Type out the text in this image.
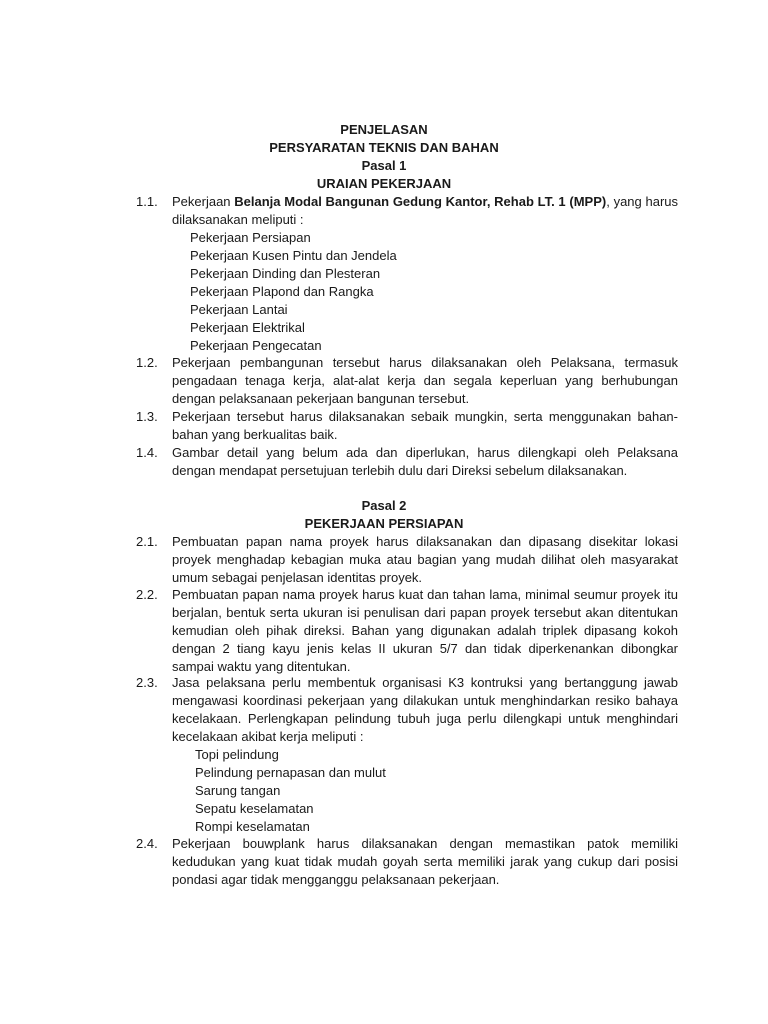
PENJELASAN
PERSYARATAN TEKNIS DAN BAHAN
Pasal 1
URAIAN PEKERJAAN
1.1. Pekerjaan Belanja Modal Bangunan Gedung Kantor, Rehab LT. 1 (MPP), yang harus dilaksanakan meliputi :
Pekerjaan Persiapan
Pekerjaan Kusen Pintu dan Jendela
Pekerjaan Dinding dan Plesteran
Pekerjaan Plapond dan Rangka
Pekerjaan Lantai
Pekerjaan Elektrikal
Pekerjaan Pengecatan
1.2. Pekerjaan pembangunan tersebut harus dilaksanakan oleh Pelaksana, termasuk pengadaan tenaga kerja, alat-alat kerja dan segala keperluan yang berhubungan dengan pelaksanaan pekerjaan bangunan tersebut.
1.3. Pekerjaan tersebut harus dilaksanakan sebaik mungkin, serta menggunakan bahan-bahan yang berkualitas baik.
1.4. Gambar detail yang belum ada dan diperlukan, harus dilengkapi oleh Pelaksana dengan mendapat persetujuan terlebih dulu dari Direksi sebelum dilaksanakan.
Pasal 2
PEKERJAAN PERSIAPAN
2.1. Pembuatan papan nama proyek harus dilaksanakan dan dipasang disekitar lokasi proyek menghadap kebagian muka atau bagian yang mudah dilihat oleh masyarakat umum sebagai penjelasan identitas proyek.
2.2. Pembuatan papan nama proyek harus kuat dan tahan lama, minimal seumur proyek itu berjalan, bentuk serta ukuran isi penulisan dari papan proyek tersebut akan ditentukan kemudian oleh pihak direksi. Bahan yang digunakan adalah triplek dipasang kokoh dengan 2 tiang kayu jenis kelas II ukuran 5/7 dan tidak diperkenankan dibongkar sampai waktu yang ditentukan.
2.3. Jasa pelaksana perlu membentuk organisasi K3 kontruksi yang bertanggung jawab mengawasi koordinasi pekerjaan yang dilakukan untuk menghindarkan resiko bahaya kecelakaan. Perlengkapan pelindung tubuh juga perlu dilengkapi untuk menghindari kecelakaan akibat kerja meliputi :
Topi pelindung
Pelindung pernapasan dan mulut
Sarung tangan
Sepatu keselamatan
Rompi keselamatan
2.4. Pekerjaan bouwplank harus dilaksanakan dengan memastikan patok memiliki kedudukan yang kuat tidak mudah goyah serta memiliki jarak yang cukup dari posisi pondasi agar tidak mengganggu pelaksanaan pekerjaan.
